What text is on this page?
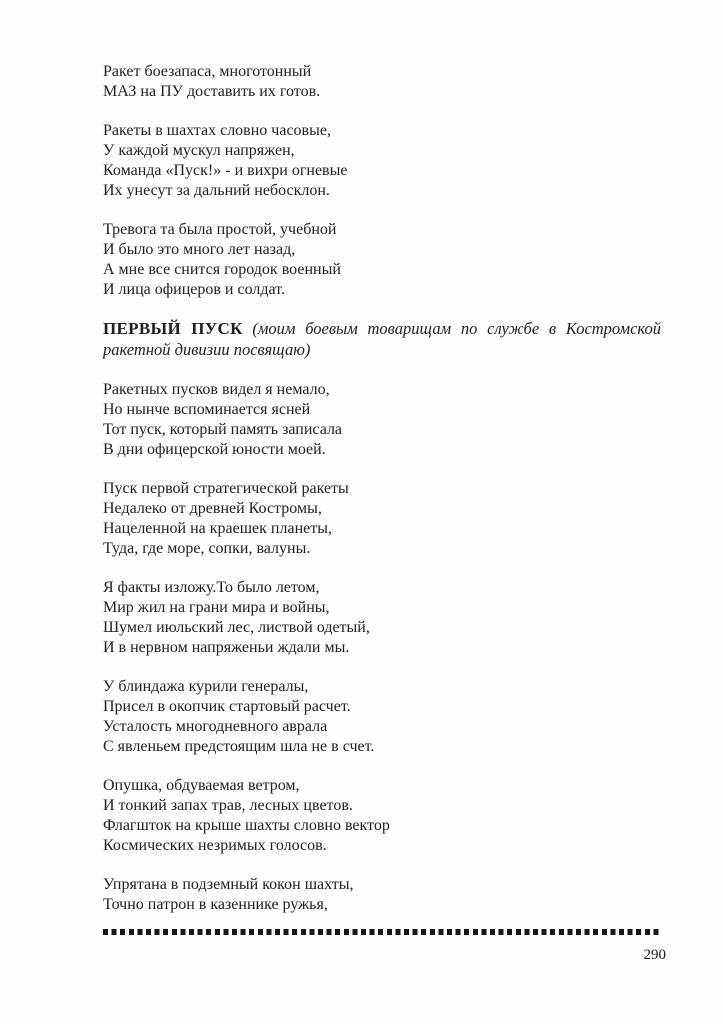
Ракет боезапаса, многотонный

МАЗ на ПУ доставить их готов.

Ракеты в шахтах словно часовые,

У каждой мускул напряжен,

Команда «Пуск!» - и вихри огневые

Их унесут за дальний небосклон.

Тревога та была простой, учебной

И было это много лет назад,

А мне все снится городок военный

И лица офицеров и солдат.

ПЕРВЫЙ ПУСК (моим боевым товарищам по службе в Костромской
ракетной дивизии посвящаю)

Ракетных пусков видел я немало,

Но нынче вспоминается ясней

Тот пуск, который память записала

В дни офицерской юности моей.

Пуск первой стратегической ракеты

Недалеко от древней Костромы,

Нацеленной на краешек планеты,

Туда, где море, сопки, валуны.

Я факты изложу.То было летом,

Мир жил на грани мира и войны,

Шумел июльский лес, листвой одетый,

И в нервном напряженьи ждали мы.

У блиндажа курили генералы,

Присел в окопчик стартовый расчет.

Усталость многодневного аврала

С явленьем предстоящим шла не в счет.

Опушка, обдуваемая ветром,

И тонкий запах трав, лесных цветов.

Флагшток на крыше шахты словно вектор

Космических незримых голосов.

Упрятана в подземный кокон шахты,

Точно патрон в казеннике ружья,

290
